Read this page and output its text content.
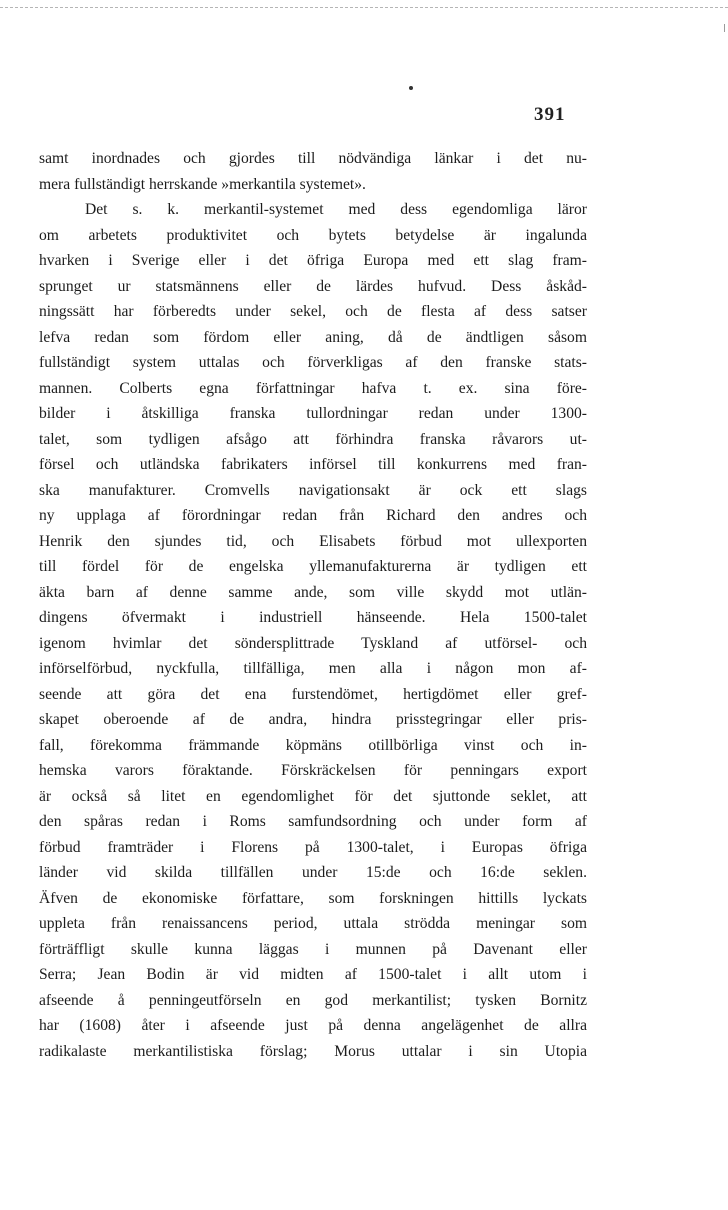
391
samt inordnades och gjordes till nödvändiga länkar i det nu-
mera fullständigt herrskande »merkantila systemet».
Det s. k. merkantil-systemet med dess egendomliga läror
om arbetets produktivitet och bytets betydelse är ingalunda
hvarken i Sverige eller i det öfriga Europa med ett slag fram-
sprunget ur statsmännens eller de lärdes hufvud. Dess åskåd-
ningssätt har förberedts under sekel, och de flesta af dess satser
lefva redan som fördom eller aning, då de ändtligen såsom
fullständigt system uttalas och förverkligas af den franske stats-
mannen. Colberts egna författningar hafva t. ex. sina före-
bilder i åtskilliga franska tullordningar redan under 1300-
talet, som tydligen afsågo att förhindra franska råvarors ut-
försel och utländska fabrikaters införsel till konkurrens med fran-
ska manufakturer. Cromvells navigationsakt är ock ett slags
ny upplaga af förordningar redan från Richard den andres och
Henrik den sjundes tid, och Elisabets förbud mot ullexporten
till fördel för de engelska yllemanufakturerna är tydligen ett
äkta barn af denne samme ande, som ville skydd mot utlän-
dingens öfvermakt i industriell hänseende. Hela 1500-talet
igenom hvimlar det söndersplittrade Tyskland af utförsel- och
införselförbud, nyckfulla, tillfälliga, men alla i någon mon af-
seende att göra det ena furstendömet, hertigdömet eller gref-
skapet oberoende af de andra, hindra prisstegringar eller pris-
fall, förekomma främmande köpmäns otillbörliga vinst och in-
hemska varors föraktande. Förskräckelsen för penningars export
är också så litet en egendomlighet för det sjuttonde seklet, att
den spåras redan i Roms samfundsordning och under form af
förbud framträder i Florens på 1300-talet, i Europas öfriga
länder vid skilda tillfällen under 15:de och 16:de seklen.
Äfven de ekonomiske författare, som forskningen hittills lyckats
uppleta från renaissancens period, uttala strödda meningar som
förträffligt skulle kunna läggas i munnen på Davenant eller
Serra; Jean Bodin är vid midten af 1500-talet i allt utom i
afseende å penningeutförseln en god merkantilist; tysken Bornitz
har (1608) åter i afseende just på denna angelägenhet de allra
radikalaste merkantilistiska förslag; Morus uttalar i sin Utopia
